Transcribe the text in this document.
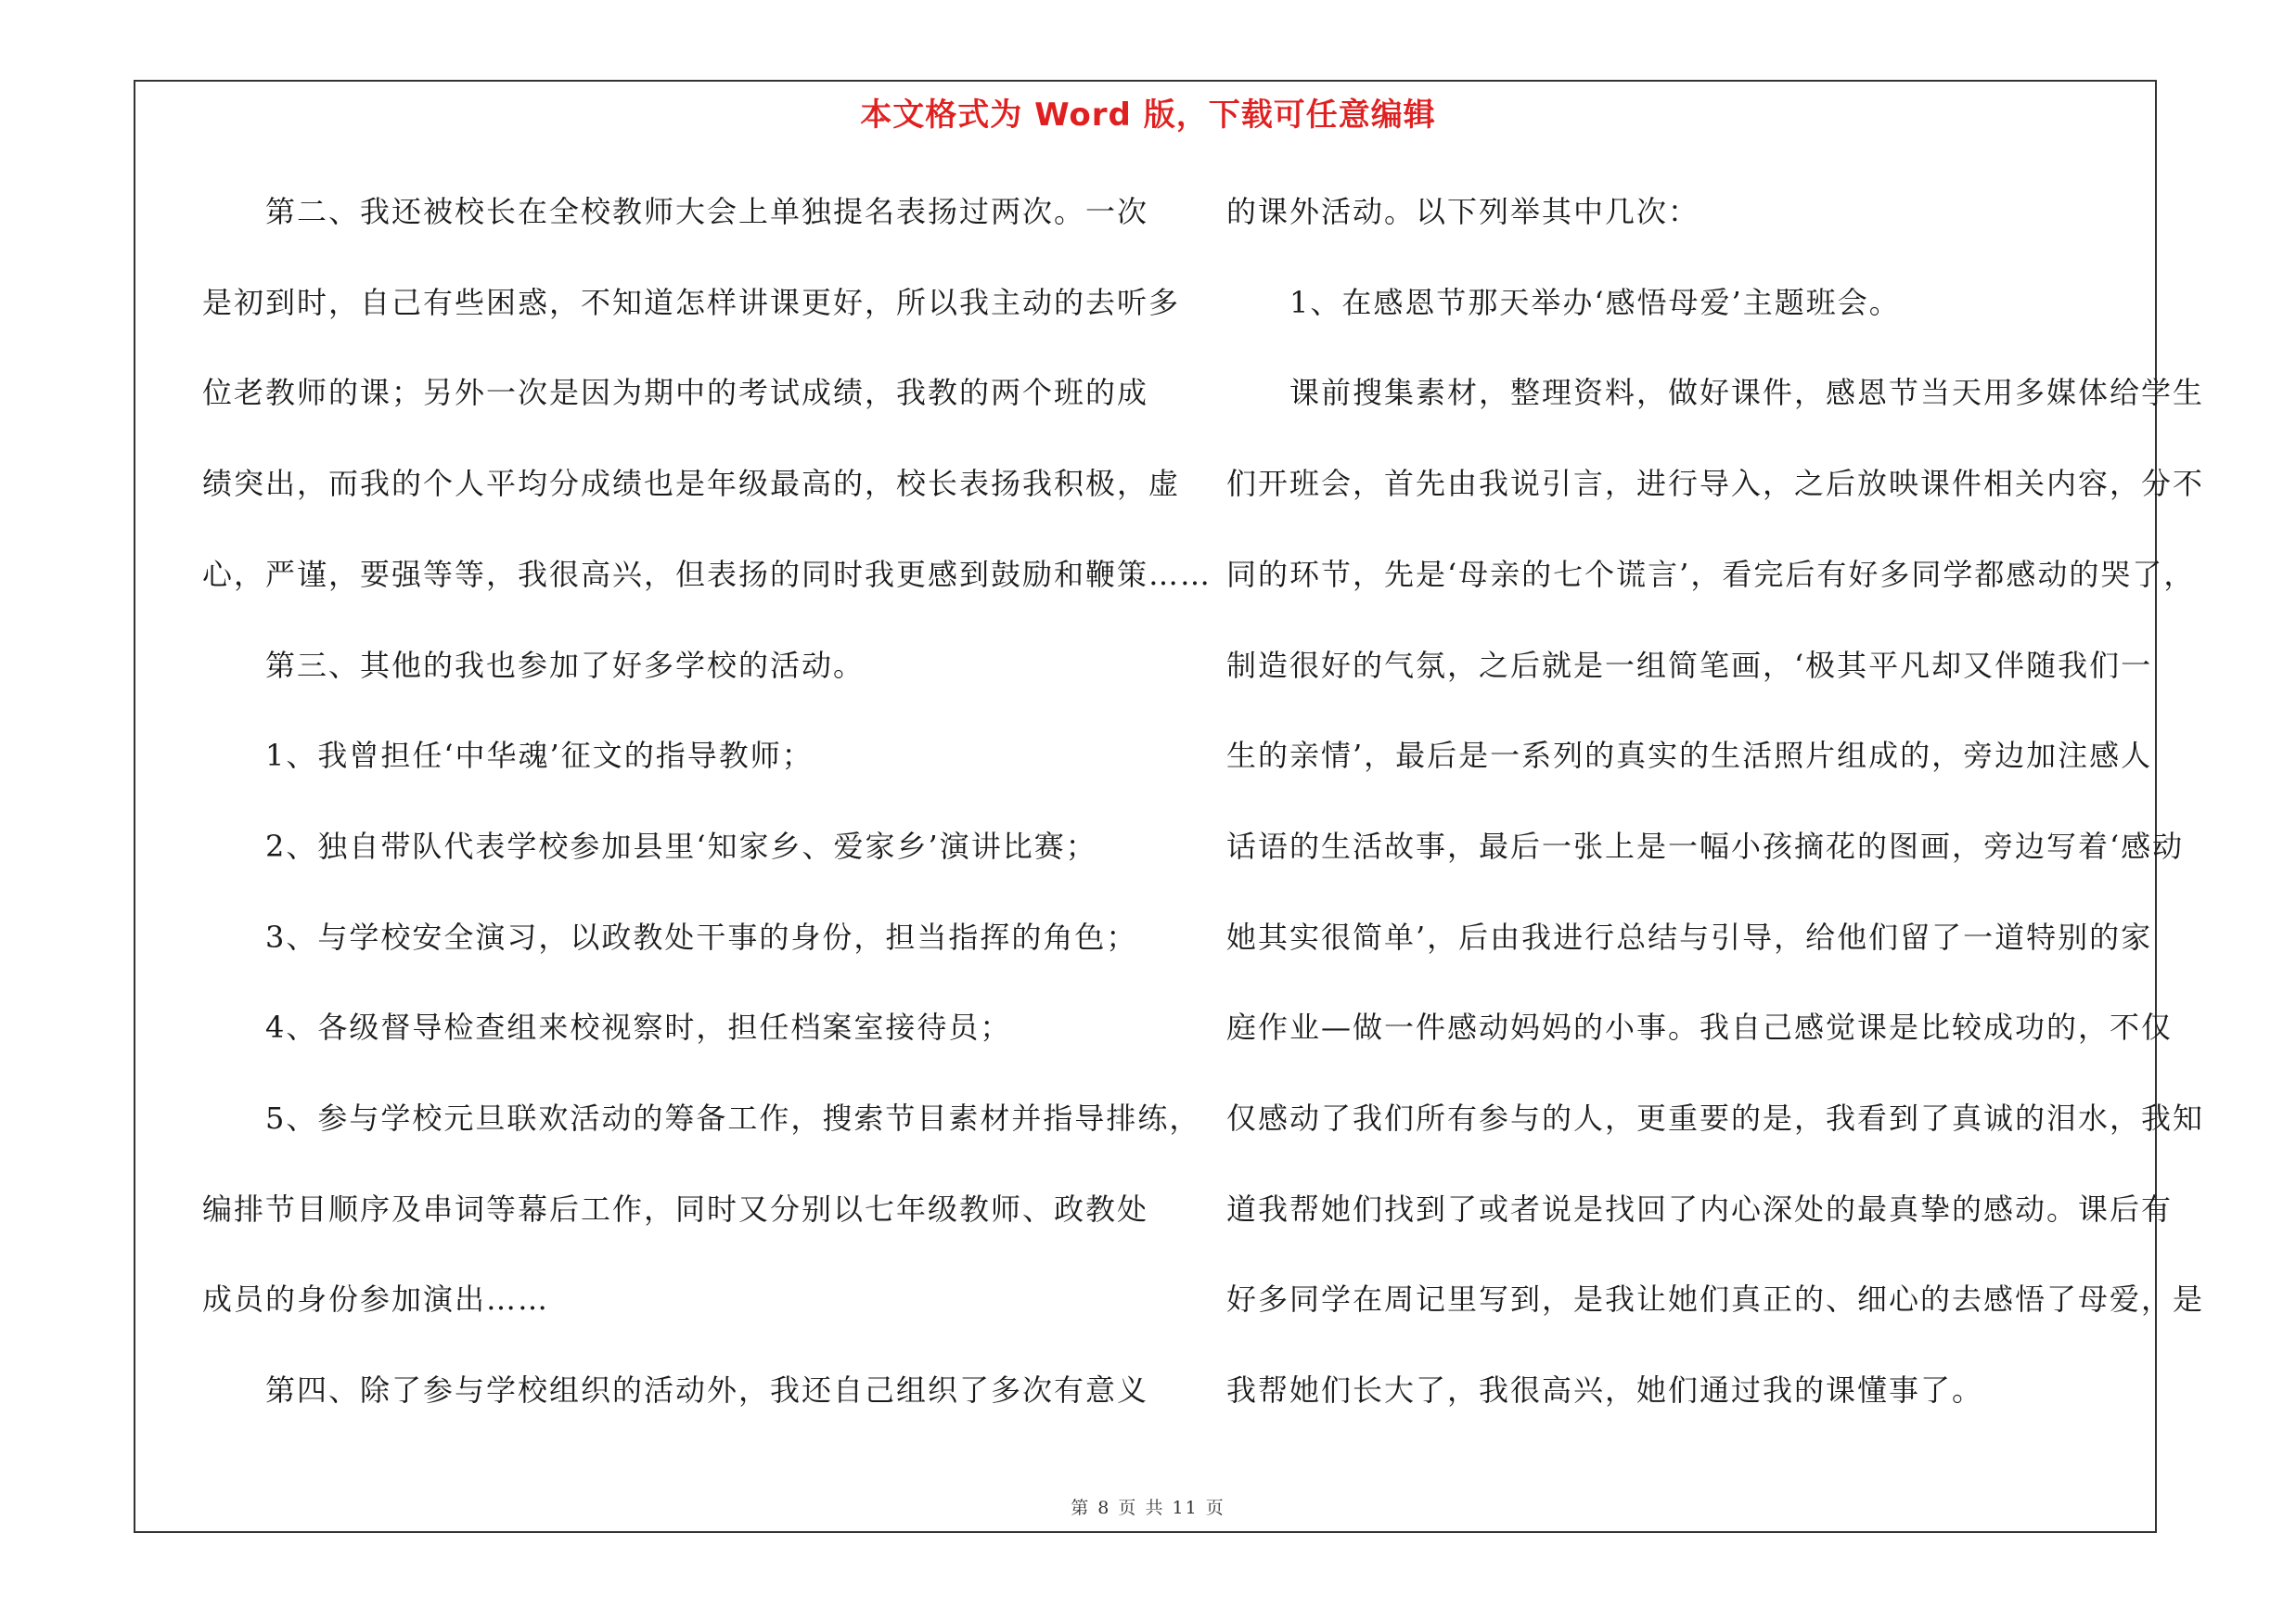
本文格式为 Word 版，下载可任意编辑
　　第二、我还被校长在全校教师大会上单独提名表扬过两次。一次
是初到时，自己有些困惑，不知道怎样讲课更好，所以我主动的去听多
位老教师的课；另外一次是因为期中的考试成绩，我教的两个班的成
绩突出，而我的个人平均分成绩也是年级最高的，校长表扬我积极，虚
心，严谨，要强等等，我很高兴，但表扬的同时我更感到鼓励和鞭策……
　　第三、其他的我也参加了好多学校的活动。
　　1、我曾担任‘中华魂’征文的指导教师；
　　2、独自带队代表学校参加县里‘知家乡、爱家乡’演讲比赛；
　　3、与学校安全演习，以政教处干事的身份，担当指挥的角色；
　　4、各级督导检查组来校视察时，担任档案室接待员；
　　5、参与学校元旦联欢活动的筹备工作，搜索节目素材并指导排练，
编排节目顺序及串词等幕后工作，同时又分别以七年级教师、政教处
成员的身份参加演出……
　　第四、除了参与学校组织的活动外，我还自己组织了多次有意义
的课外活动。以下列举其中几次：
　　1、在感恩节那天举办‘感悟母爱’主题班会。
　　课前搜集素材，整理资料，做好课件，感恩节当天用多媒体给学生
们开班会，首先由我说引言，进行导入，之后放映课件相关内容，分不
同的环节，先是‘母亲的七个谎言’，看完后有好多同学都感动的哭了，
制造很好的气氛，之后就是一组简笔画，‘极其平凡却又伴随我们一
生的亲情’，最后是一系列的真实的生活照片组成的，旁边加注感人
话语的生活故事，最后一张上是一幅小孩摘花的图画，旁边写着‘感动
她其实很简单’，后由我进行总结与引导，给他们留了一道特别的家
庭作业—做一件感动妈妈的小事。我自己感觉课是比较成功的，不仅
仅感动了我们所有参与的人，更重要的是，我看到了真诚的泪水，我知
道我帮她们找到了或者说是找回了内心深处的最真挚的感动。课后有
好多同学在周记里写到，是我让她们真正的、细心的去感悟了母爱，是
我帮她们长大了，我很高兴，她们通过我的课懂事了。
第 8 页 共 11 页
